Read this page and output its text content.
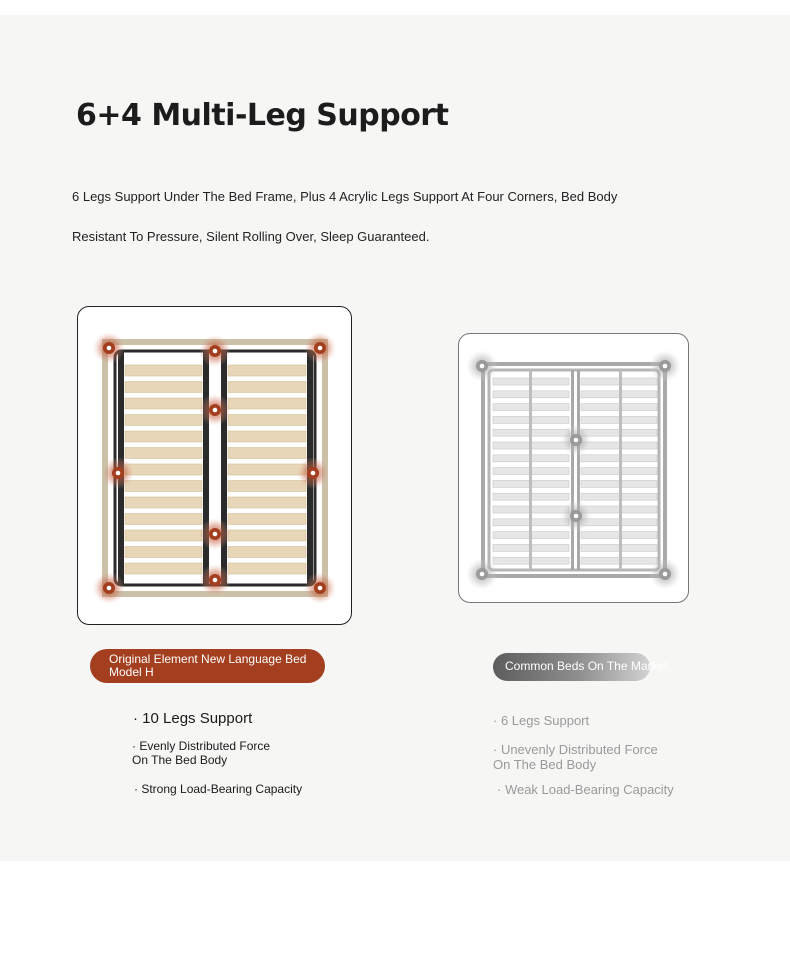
6+4 Multi-Leg Support
6 Legs Support Under The Bed Frame, Plus 4 Acrylic Legs Support At Four Corners, Bed Body
Resistant To Pressure, Silent Rolling Over, Sleep Guaranteed.
Original Element New Language Bed Model H	Common Beds On The Market
· 10 Legs Support
· Evenly Distributed Force On The Bed Body
· Strong Load-Bearing Capacity
· 6 Legs Support
· Unevenly Distributed Force On The Bed Body
· Weak Load-Bearing Capacity
